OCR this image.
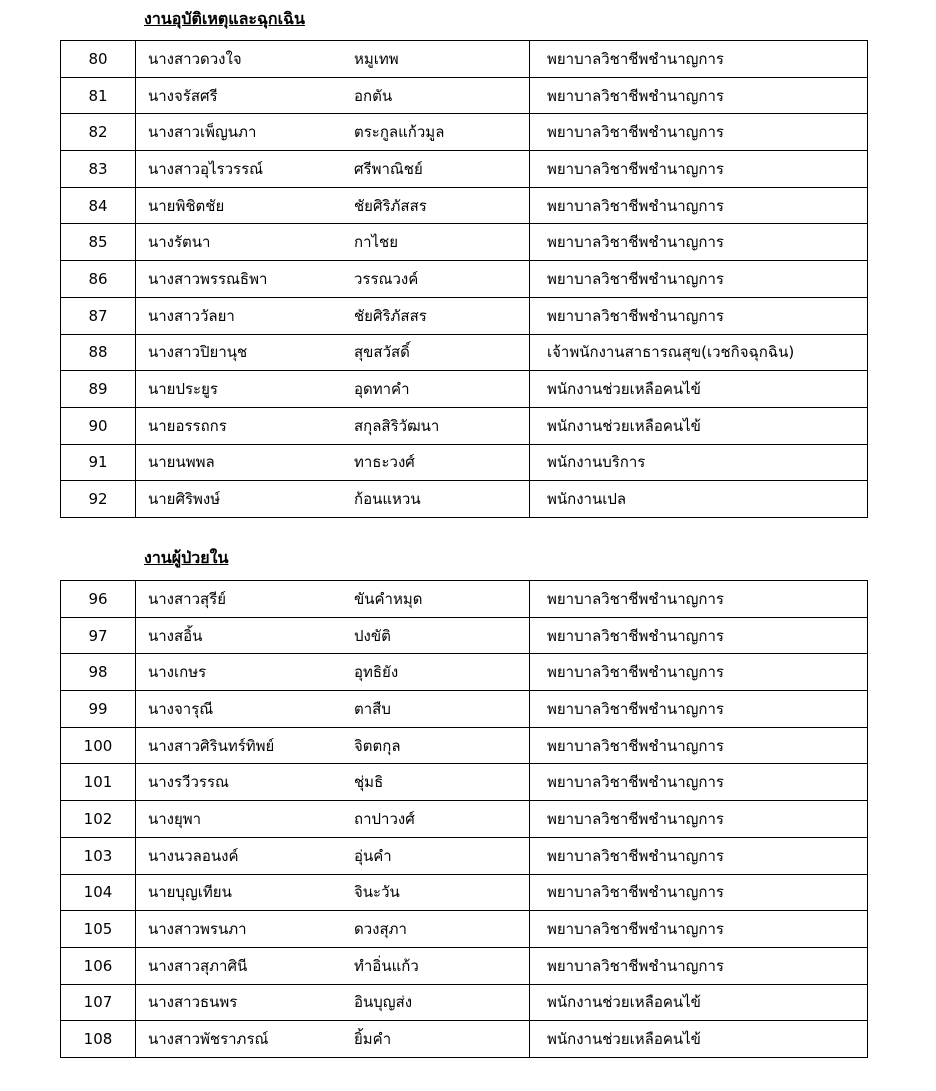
งานอุบัติเหตุและฉุกเฉิน
80	นางสาวดวงใจ	หมูเทพ	พยาบาลวิชาชีพชำนาญการ
81	นางจรัสศรี	อกตัน	พยาบาลวิชาชีพชำนาญการ
82	นางสาวเพ็ญนภา	ตระกูลแก้วมูล	พยาบาลวิชาชีพชำนาญการ
83	นางสาวอุไรวรรณ์	ศรีพาณิชย์	พยาบาลวิชาชีพชำนาญการ
84	นายพิชิตชัย	ชัยศิริภัสสร	พยาบาลวิชาชีพชำนาญการ
85	นางรัตนา	กาไชย	พยาบาลวิชาชีพชำนาญการ
86	นางสาวพรรณธิพา	วรรณวงค์	พยาบาลวิชาชีพชำนาญการ
87	นางสาววัลยา	ชัยศิริภัสสร	พยาบาลวิชาชีพชำนาญการ
88	นางสาวปิยานุช	สุขสวัสดิ์	เจ้าพนักงานสาธารณสุข(เวชกิจฉุกฉิน)
89	นายประยูร	อุดทาคำ	พนักงานช่วยเหลือคนไข้
90	นายอรรถกร	สกุลสิริวัฒนา	พนักงานช่วยเหลือคนไข้
91	นายนพพล	ทาธะวงศ์	พนักงานบริการ
92	นายศิริพงษ์	ก้อนแหวน	พนักงานเปล
งานผู้ป่วยใน
96	นางสาวสุรีย์	ขันคำหมุด	พยาบาลวิชาชีพชำนาญการ
97	นางสอิ้น	ปงขัติ	พยาบาลวิชาชีพชำนาญการ
98	นางเกษร	อุทธิยัง	พยาบาลวิชาชีพชำนาญการ
99	นางจารุณี	ตาสืบ	พยาบาลวิชาชีพชำนาญการ
100	นางสาวศิรินทร์ทิพย์	จิตตกุล	พยาบาลวิชาชีพชำนาญการ
101	นางรวีวรรณ	ชุ่มธิ	พยาบาลวิชาชีพชำนาญการ
102	นางยุพา	ถาปาวงศ์	พยาบาลวิชาชีพชำนาญการ
103	นางนวลอนงค์	อุ่นคำ	พยาบาลวิชาชีพชำนาญการ
104	นายบุญเทียน	จินะวัน	พยาบาลวิชาชีพชำนาญการ
105	นางสาวพรนภา	ดวงสุภา	พยาบาลวิชาชีพชำนาญการ
106	นางสาวสุภาศินี	ทำอิ่นแก้ว	พยาบาลวิชาชีพชำนาญการ
107	นางสาวธนพร	อินบุญส่ง	พนักงานช่วยเหลือคนไข้
108	นางสาวพัชราภรณ์	ยิ้มคำ	พนักงานช่วยเหลือคนไข้
